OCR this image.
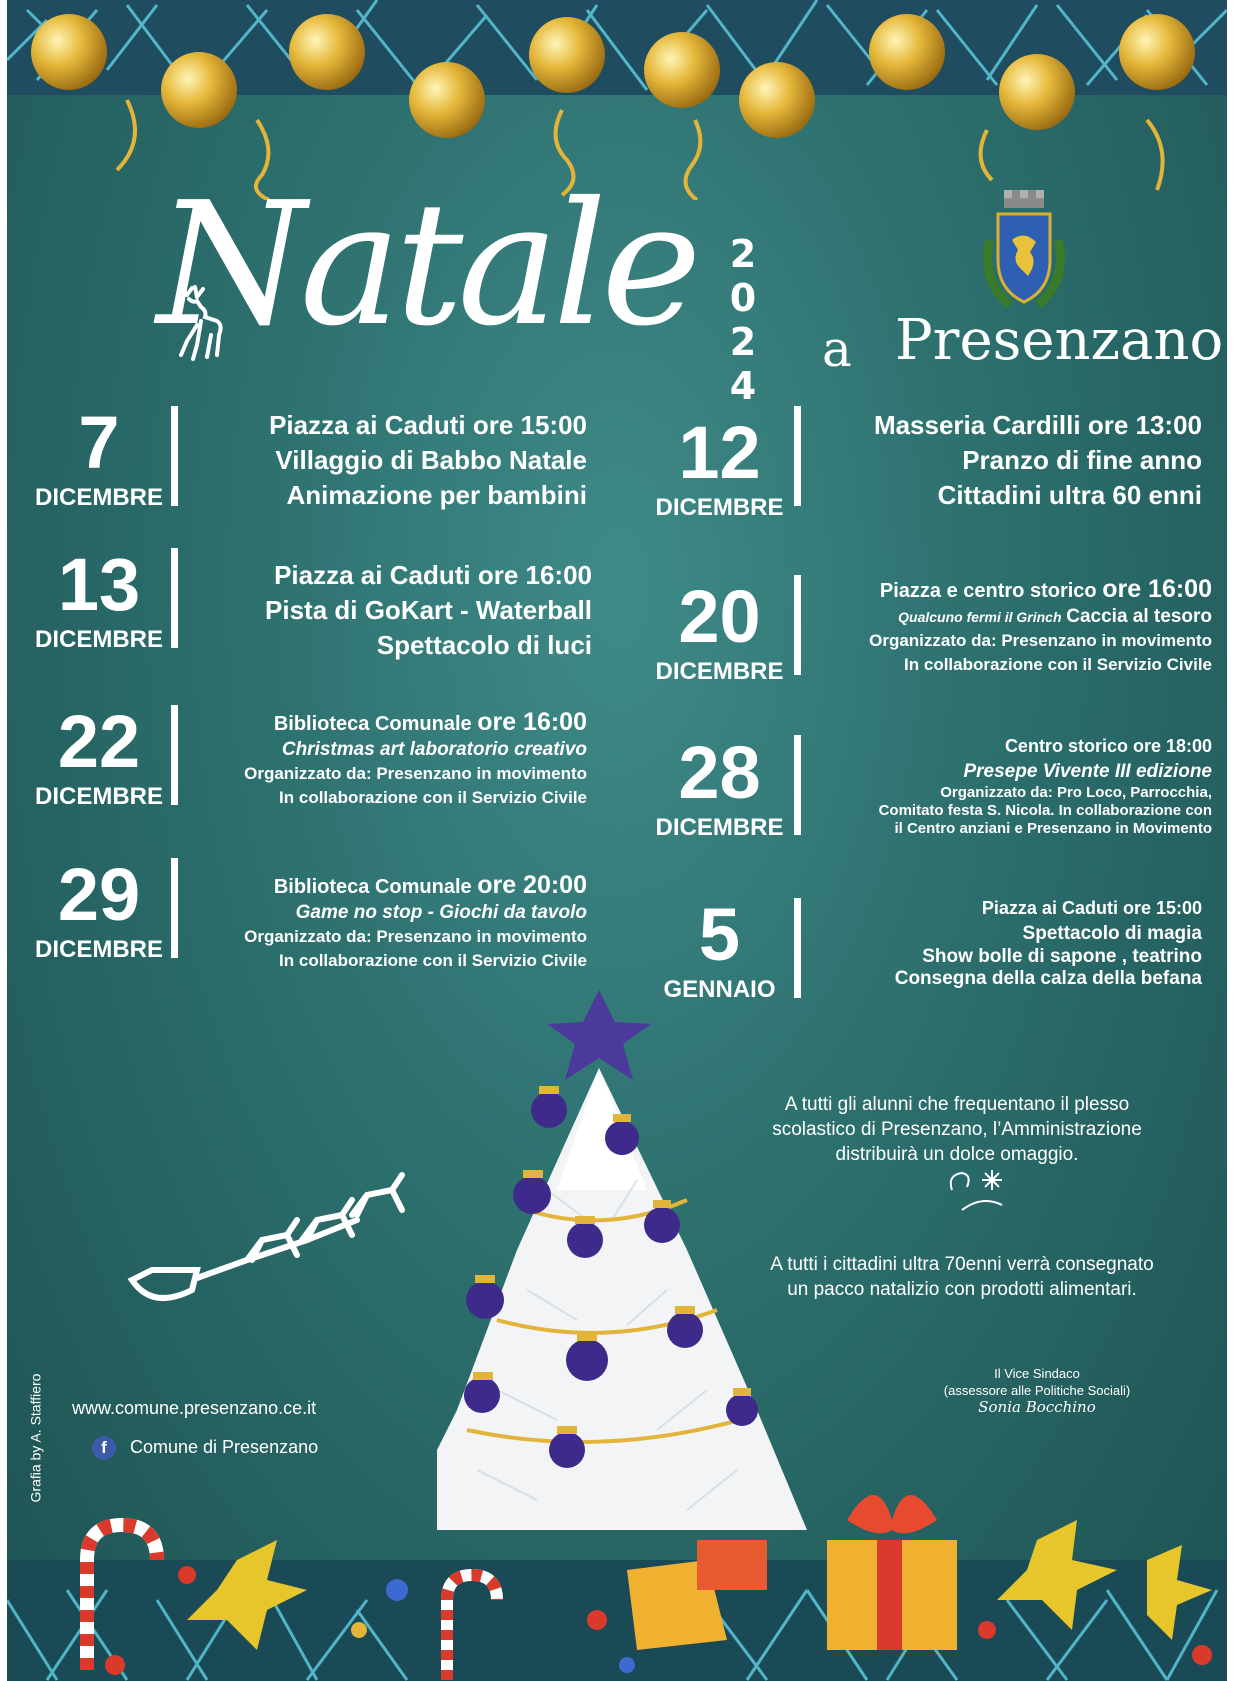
Natale 2
0
2
4
a Presenzano
7
DICEMBRE
Piazza ai Caduti ore 15:00
Villaggio di Babbo Natale
Animazione per bambini
13
DICEMBRE
Piazza ai Caduti ore 16:00
Pista di GoKart - Waterball
Spettacolo di luci
22
DICEMBRE
Biblioteca Comunale ore 16:00
Christmas art laboratorio creativo
Organizzato da: Presenzano in movimento
In collaborazione con il Servizio Civile
29
DICEMBRE
Biblioteca Comunale ore 20:00
Game no stop - Giochi da tavolo
Organizzato da: Presenzano in movimento
In collaborazione con il Servizio Civile
12
DICEMBRE
Masseria Cardilli ore 13:00
Pranzo di fine anno
Cittadini ultra 60 enni
20
DICEMBRE
Piazza e centro storico ore 16:00
Qualcuno fermi il Grinch Caccia al tesoro
Organizzato da: Presenzano in movimento
In collaborazione con il Servizio Civile
28
DICEMBRE
Centro storico ore 18:00
Presepe Vivente III edizione
Organizzato da: Pro Loco, Parrocchia,
Comitato festa S. Nicola. In collaborazione con
il Centro anziani e Presenzano in Movimento
5
GENNAIO
Piazza ai Caduti ore 15:00
Spettacolo di magia
Show bolle di sapone , teatrino
Consegna della calza della befana
A tutti gli alunni che frequentano il plesso
scolastico di Presenzano, l’Amministrazione
distribuirà un dolce omaggio.
A tutti i cittadini ultra 70enni verrà consegnato
un pacco natalizio con prodotti alimentari.
Il Vice Sindaco
(assessore alle Politiche Sociali)
Sonia Bocchino
www.comune.presenzano.ce.it
f Comune di Presenzano
Grafia by A. Staffiero
